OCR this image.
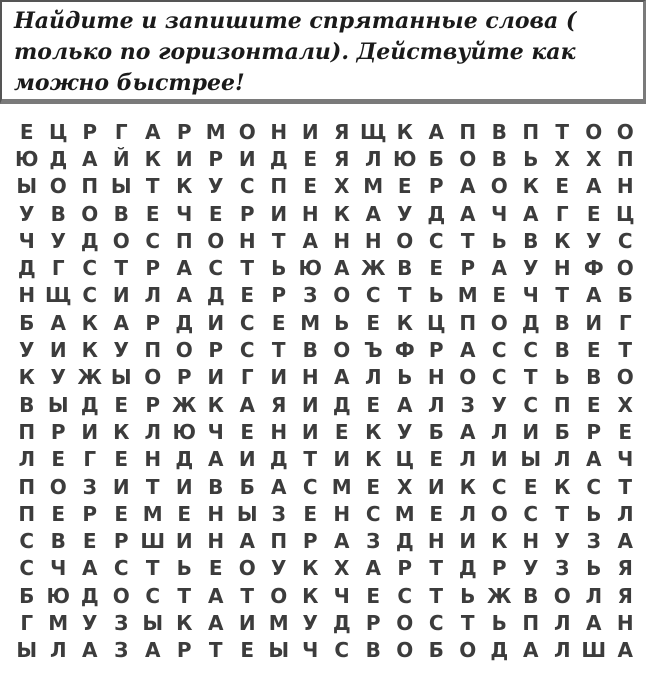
Найдите и запишите спрятанные слова ( только по горизонтали). Действуйте как можно быстрее!

Е Ц Р Г А Р М О Н И Я Щ К А П В П Т О О
Ю Д А Й К И Р И Д Е Я Л Ю Б О В Ь Х Х П
Ы О П Ы Т К У С П Е Х М Е Р А О К Е А Н
У В О В Е Ч Е Р И Н К А У Д А Ч А Г Е Ц
Ч У Д О С П О Н Т А Н Н О С Т Ь В К У С
Д Г С Т Р А С Т Ь Ю А Ж В Е Р А У Н Ф О
Н Щ С И Л А Д Е Р З О С Т Ь М Е Ч Т А Б
Б А К А Р Д И С Е М Ь Е К Ц П О Д В И Г
У И К У П О Р С Т В О Ъ Ф Р А С С В Е Т
К У Ж Ы О Р И Г И Н А Л Ь Н О С Т Ь В О
В Ы Д Е Р Ж К А Я И Д Е А Л З У С П Е Х
П Р И К Л Ю Ч Е Н И Е К У Б А Л И Б Р Е
Л Е Г Е Н Д А И Д Т И К Ц Е Л И Ы Л А Ч
П О З И Т И В Б А С М Е Х И К С Е К С Т
П Е Р Е М Е Н Ы З Е Н С М Е Л О С Т Ь Л
С В Е Р Ш И Н А П Р А З Д Н И К Н У З А
С Ч А С Т Ь Е О У К Х А Р Т Д Р У З Ь Я
Б Ю Д О С Т А Т О К Ч Е С Т Ь Ж В О Л Я
Г М У З Ы К А И М У Д Р О С Т Ь П Л А Н
Ы Л А З А Р Т Е Ы Ч С В О Б О Д А Л Ш А
